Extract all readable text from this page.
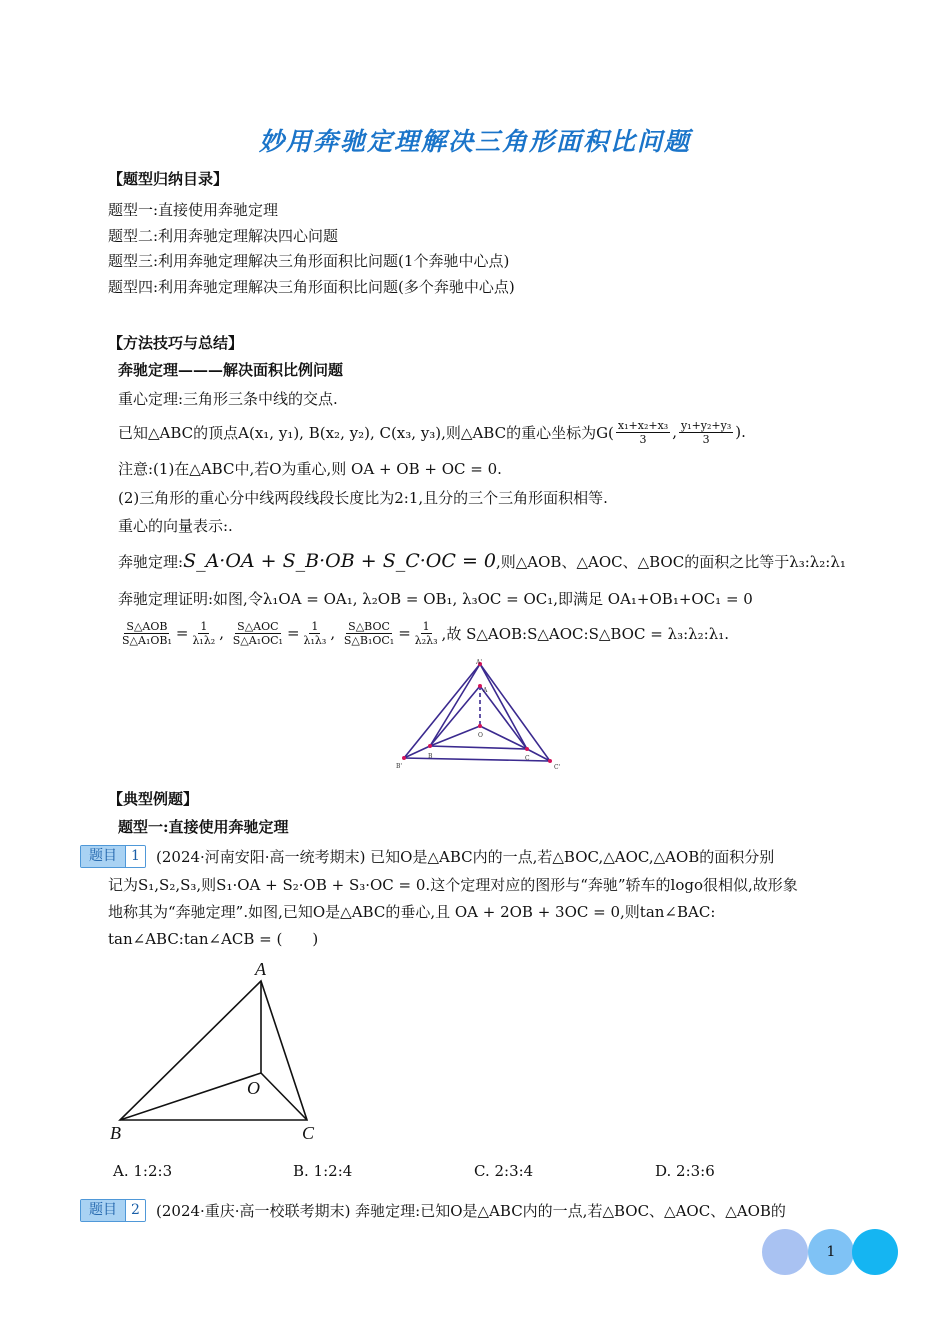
妙用奔驰定理解决三角形面积比问题
【题型归纳目录】
题型一:直接使用奔驰定理
题型二:利用奔驰定理解决四心问题
题型三:利用奔驰定理解决三角形面积比问题(1个奔驰中心点)
题型四:利用奔驰定理解决三角形面积比问题(多个奔驰中心点)
【方法技巧与总结】
奔驰定理———解决面积比例问题
重心定理:三角形三条中线的交点.
已知△ABC的顶点A(x₁, y₁), B(x₂, y₂), C(x₃, y₃),则△ABC的重心坐标为$G( \frac{\text{x₁+x₂+x₃}}{3}$ , $\frac{\text{y₁+y₂+y₃}}{3}$ ).
注意:(1)在△ABC中,若O为重心,则 OA + OB + OC = 0.
(2)三角形的重心分中线两段线段长度比为2:1,且分的三个三角形面积相等.
重心的向量表示:.
奔驰定理: S_A·OA + S_B·OB + S_C·OC = 0 ,则△AOB、△AOC、△BOC的面积之比等于λ₃:λ₂:λ₁
奔驰定理证明:如图,令λ₁OA = OA₁, λ₂OB = OB₁, λ₃OC = OC₁,即满足 OA₁+OB₁+OC₁ = 0
$\frac{\text{S△AOB}}{\text{S△A₁OB₁}} = \frac{1}{\text{λ₁λ₂}}$ , $\frac{\text{S△AOC}}{\text{S△A₁OC₁}} = \frac{1}{\text{λ₁λ₃}}$ , $\frac{\text{S△BOC}}{\text{S△B₁OC₁}} = \frac{1}{\text{λ₂λ₃}}$ ,故 S△AOB:S△AOC:S△BOC = λ₃:λ₂:λ₁.
A'
A
O
B	C
B'	C'
【典型例题】
题型一:直接使用奔驰定理
题目	1	(2024·河南安阳·高一统考期末) 已知O是△ABC内的一点,若△BOC,△AOC,△AOB的面积分别
记为S₁,S₂,S₃,则S₁·OA + S₂·OB + S₃·OC = 0.这个定理对应的图形与“奔驰”轿车的logo很相似,故形象
地称其为“奔驰定理”.如图,已知O是△ABC的垂心,且 OA + 2OB + 3OC = 0,则tan∠BAC:
tan∠ABC:tan∠ACB = (　　)
A
O
B	C
A. 1:2:3	B. 1:2:4	C. 2:3:4	D. 2:3:6
题目	2	(2024·重庆·高一校联考期末) 奔驰定理:已知O是△ABC内的一点,若△BOC、△AOC、△AOB的
1
